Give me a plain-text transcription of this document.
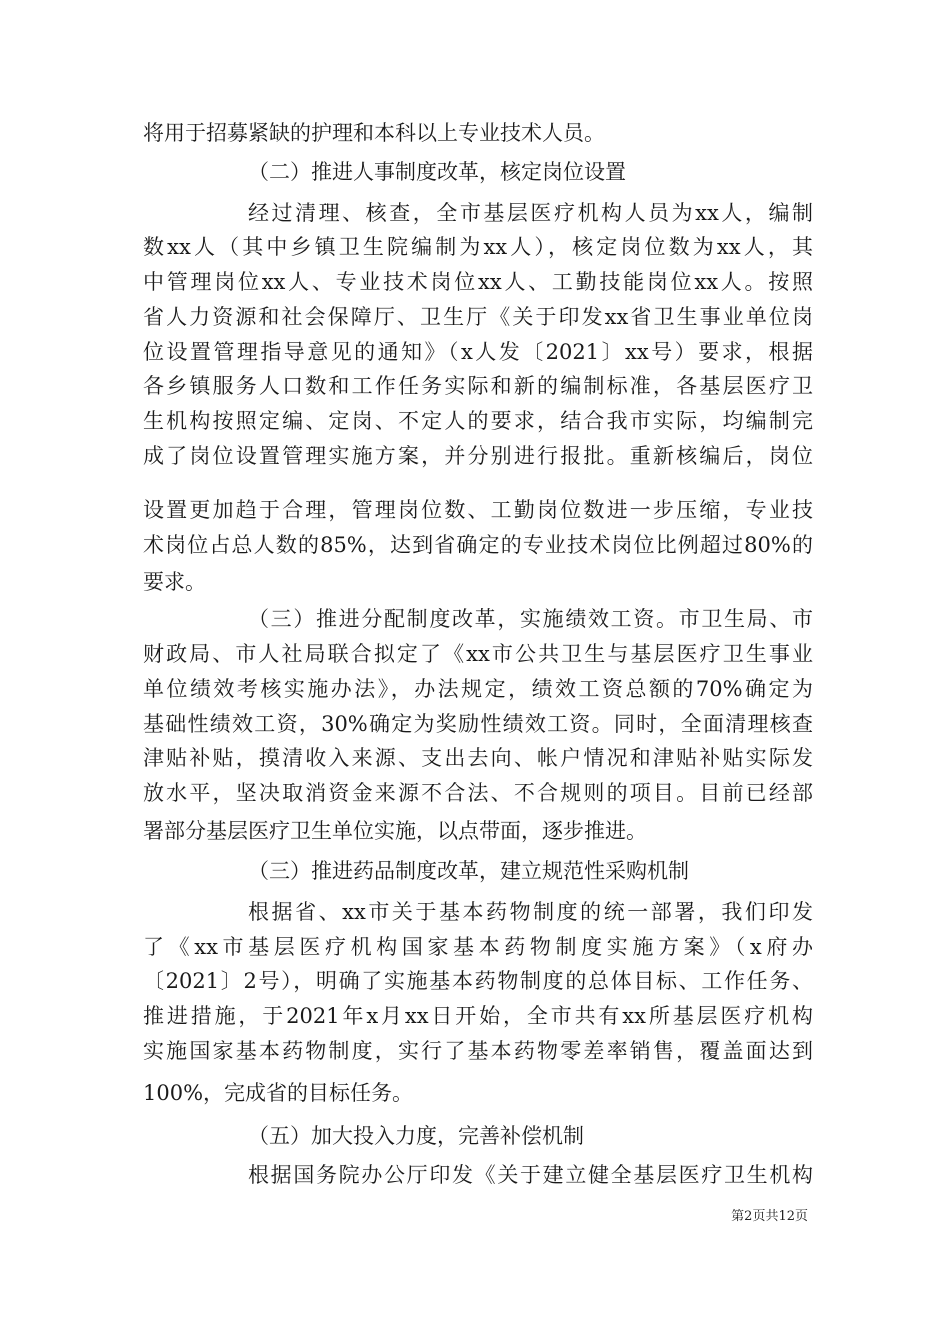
将用于招募紧缺的护理和本科以上专业技术人员。
（二）推进人事制度改革，核定岗位设置
经过清理、核查，全市基层医疗机构人员为xx人，编制
数xx人（其中乡镇卫生院编制为xx人），核定岗位数为xx人，其
中管理岗位xx人、专业技术岗位xx人、工勤技能岗位xx人。按照
省人力资源和社会保障厅、卫生厅《关于印发xx省卫生事业单位岗
位设置管理指导意见的通知》（x人发〔2021〕xx号）要求，根据
各乡镇服务人口数和工作任务实际和新的编制标准，各基层医疗卫
生机构按照定编、定岗、不定人的要求，结合我市实际，均编制完
成了岗位设置管理实施方案，并分别进行报批。重新核编后，岗位
设置更加趋于合理，管理岗位数、工勤岗位数进一步压缩，专业技
术岗位占总人数的85%，达到省确定的专业技术岗位比例超过80%的
要求。
（三）推进分配制度改革，实施绩效工资。市卫生局、市
财政局、市人社局联合拟定了《xx市公共卫生与基层医疗卫生事业
单位绩效考核实施办法》，办法规定，绩效工资总额的70%确定为
基础性绩效工资，30%确定为奖励性绩效工资。同时，全面清理核查
津贴补贴，摸清收入来源、支出去向、帐户情况和津贴补贴实际发
放水平，坚决取消资金来源不合法、不合规则的项目。目前已经部
署部分基层医疗卫生单位实施，以点带面，逐步推进。
（三）推进药品制度改革，建立规范性采购机制
根据省、xx市关于基本药物制度的统一部署，我们印发
了《xx市基层医疗机构国家基本药物制度实施方案》（x府办
〔2021〕2号），明确了实施基本药物制度的总体目标、工作任务、
推进措施，于2021年x月xx日开始，全市共有xx所基层医疗机构
实施国家基本药物制度，实行了基本药物零差率销售，覆盖面达到
100%，完成省的目标任务。
（五）加大投入力度，完善补偿机制
根据国务院办公厅印发《关于建立健全基层医疗卫生机构
第2页共12页
